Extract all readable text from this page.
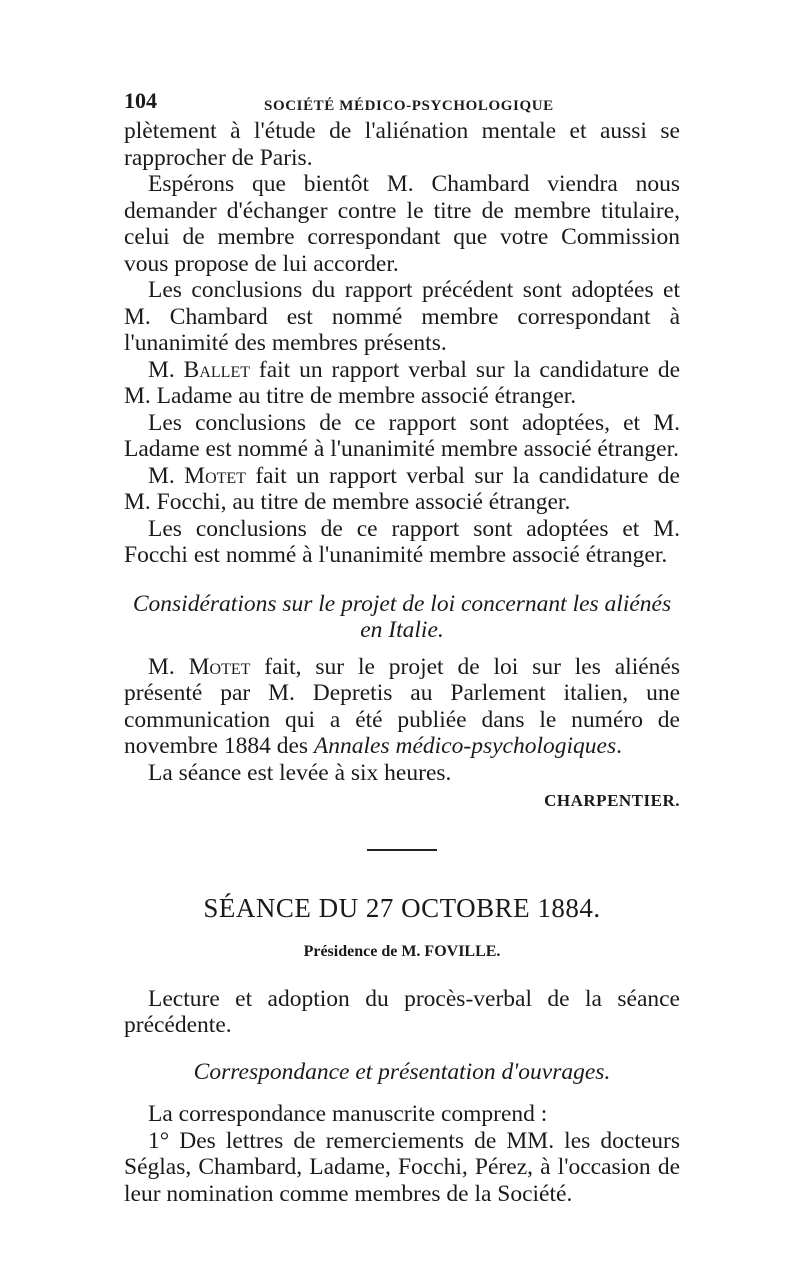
104	SOCIÉTÉ MÉDICO-PSYCHOLOGIQUE

plètement à l'étude de l'aliénation mentale et aussi se rapprocher de Paris.

Espérons que bientôt M. Chambard viendra nous demander d'échanger contre le titre de membre titulaire, celui de membre correspondant que votre Commission vous propose de lui accorder.

Les conclusions du rapport précédent sont adoptées et M. Chambard est nommé membre correspondant à l'unanimité des membres présents.

M. Ballet fait un rapport verbal sur la candidature de M. Ladame au titre de membre associé étranger.

Les conclusions de ce rapport sont adoptées, et M. Ladame est nommé à l'unanimité membre associé étranger.

M. Motet fait un rapport verbal sur la candidature de M. Focchi, au titre de membre associé étranger.

Les conclusions de ce rapport sont adoptées et M. Focchi est nommé à l'unanimité membre associé étranger.

Considérations sur le projet de loi concernant les aliénés en Italie.

M. Motet fait, sur le projet de loi sur les aliénés présenté par M. Depretis au Parlement italien, une communication qui a été publiée dans le numéro de novembre 1884 des Annales médico-psychologiques.

La séance est levée à six heures.

CHARPENTIER.

SÉANCE DU 27 OCTOBRE 1884.

Présidence de M. FOVILLE.

Lecture et adoption du procès-verbal de la séance précédente.

Correspondance et présentation d'ouvrages.

La correspondance manuscrite comprend :

1° Des lettres de remerciements de MM. les docteurs Séglas, Chambard, Ladame, Focchi, Pérez, à l'occasion de leur nomination comme membres de la Société.
